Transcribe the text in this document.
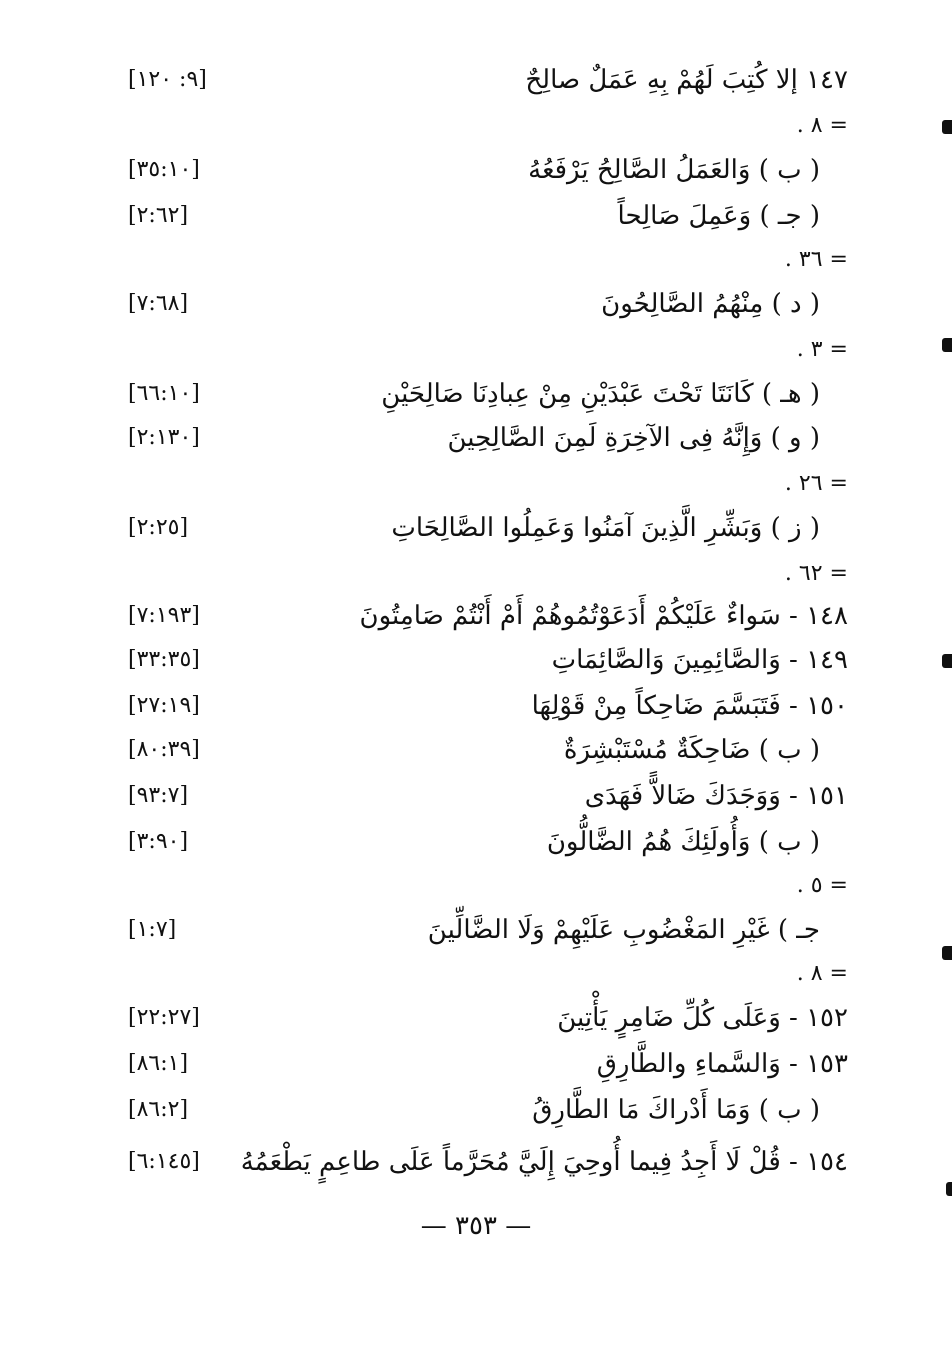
١٤٧ إلا كُتِبَ لَهُمْ بِهِ عَمَلٌ صالِحٌ
[٩: ١٢٠]
= ٨ .
( ب ) وَالعَمَلُ الصَّالِحُ يَرْفَعُهُ
[٣٥:١٠]
( جـ ) وَعَمِلَ صَالِحاً
[٢:٦٢]
= ٣٦ .
( د ) مِنْهُمُ الصَّالِحُونَ
[٧:٦٨]
= ٣ .
( هـ ) كَانَتَا تَحْتَ عَبْدَيْنِ مِنْ عِبادِنَا صَالِحَيْنِ
[٦٦:١٠]
( و ) وَإِنَّهُ فِى الآخِرَةِ لَمِنَ الصَّالِحِينَ
[٢:١٣٠]
= ٢٦ .
( ز ) وَبَشِّرِ الَّذِينَ آمَنُوا وَعَمِلُوا الصَّالِحَاتِ
[٢:٢٥]
= ٦٢ .
١٤٨ - سَواءٌ عَلَيْكُمْ أَدَعَوْتُمُوهُمْ أَمْ أَنْتُمْ صَامِتُونَ
[٧:١٩٣]
١٤٩ - وَالصَّائِمِينَ وَالصَّائِمَاتِ
[٣٣:٣٥]
١٥٠ - فَتَبَسَّمَ ضَاحِكاً مِنْ قَوْلِهَا
[٢٧:١٩]
( ب ) ضَاحِكَةٌ مُسْتَبْشِرَةٌ
[٨٠:٣٩]
١٥١ - وَوَجَدَكَ ضَالاًّ فَهَدَى
[٩٣:٧]
( ب ) وَأُولَئِكَ هُمُ الضَّالُّونَ
[٣:٩٠]
= ٥ .
جـ ) غَيْرِ المَغْضُوبِ عَلَيْهِمْ وَلَا الضَّالِّينَ
[١:٧]
= ٨ .
١٥٢ - وَعَلَى كُلِّ ضَامِرٍ يَأْتِينَ
[٢٢:٢٧]
١٥٣ - وَالسَّماءِ والطَّارِقِ
[٨٦:١]
( ب ) وَمَا أَدْراكَ مَا الطَّارِقُ
[٨٦:٢]
١٥٤ - قُلْ لَا أَجِدُ فِيما أُوحِيَ إِلَيَّ مُحَرَّماً عَلَى طاعِمٍ يَطْعَمُهُ
[٦:١٤٥]
— ٣٥٣ —
